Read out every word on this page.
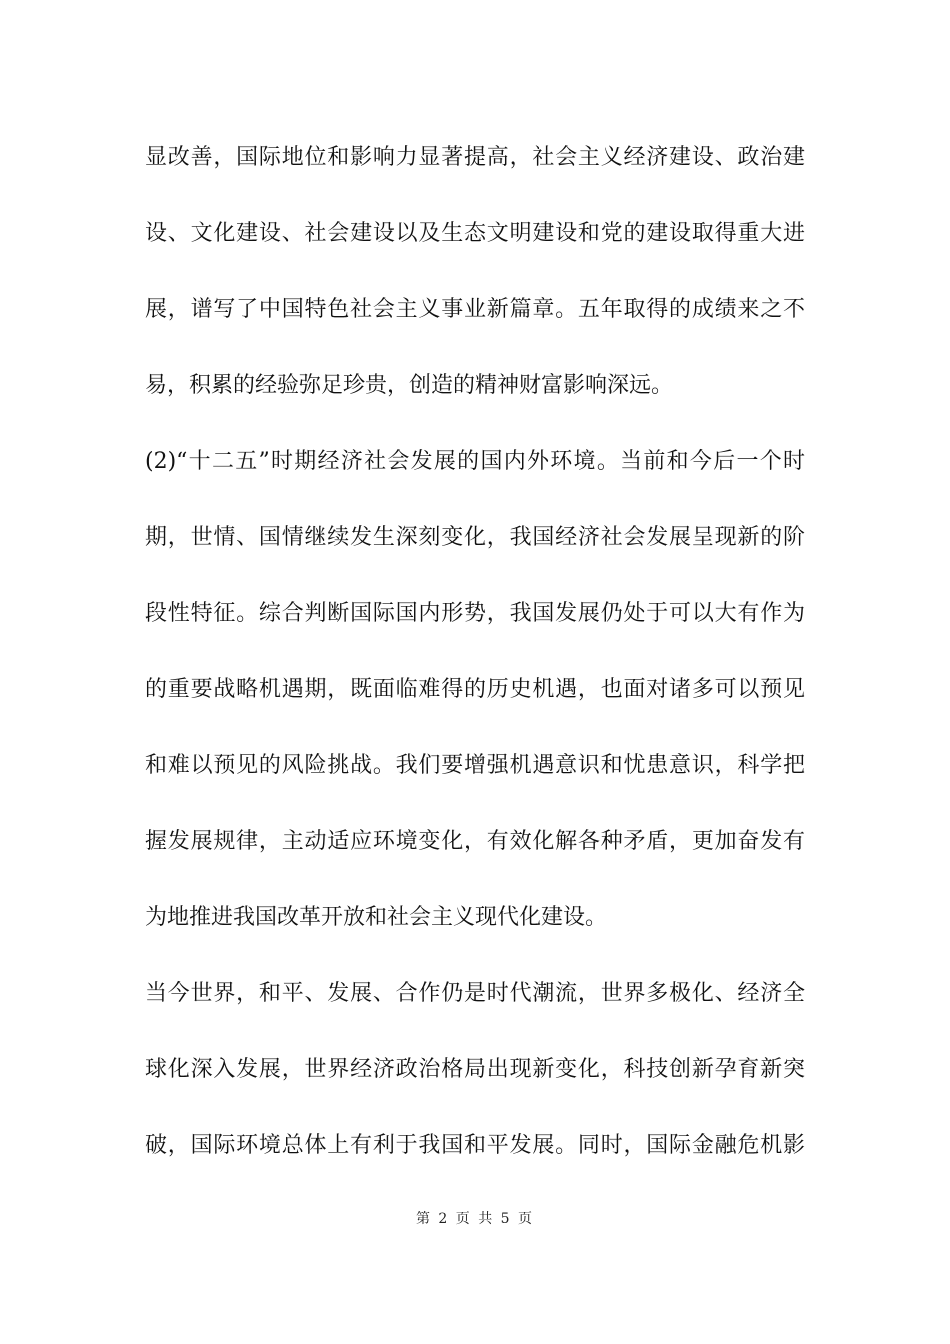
显改善，国际地位和影响力显著提高，社会主义经济建设、政治建
设、文化建设、社会建设以及生态文明建设和党的建设取得重大进
展，谱写了中国特色社会主义事业新篇章。五年取得的成绩来之不
易，积累的经验弥足珍贵，创造的精神财富影响深远。
(2)“十二五”时期经济社会发展的国内外环境。当前和今后一个时
期，世情、国情继续发生深刻变化，我国经济社会发展呈现新的阶
段性特征。综合判断国际国内形势，我国发展仍处于可以大有作为
的重要战略机遇期，既面临难得的历史机遇，也面对诸多可以预见
和难以预见的风险挑战。我们要增强机遇意识和忧患意识，科学把
握发展规律，主动适应环境变化，有效化解各种矛盾，更加奋发有
为地推进我国改革开放和社会主义现代化建设。
当今世界，和平、发展、合作仍是时代潮流，世界多极化、经济全
球化深入发展，世界经济政治格局出现新变化，科技创新孕育新突
破，国际环境总体上有利于我国和平发展。同时，国际金融危机影
第 2 页 共 5 页
